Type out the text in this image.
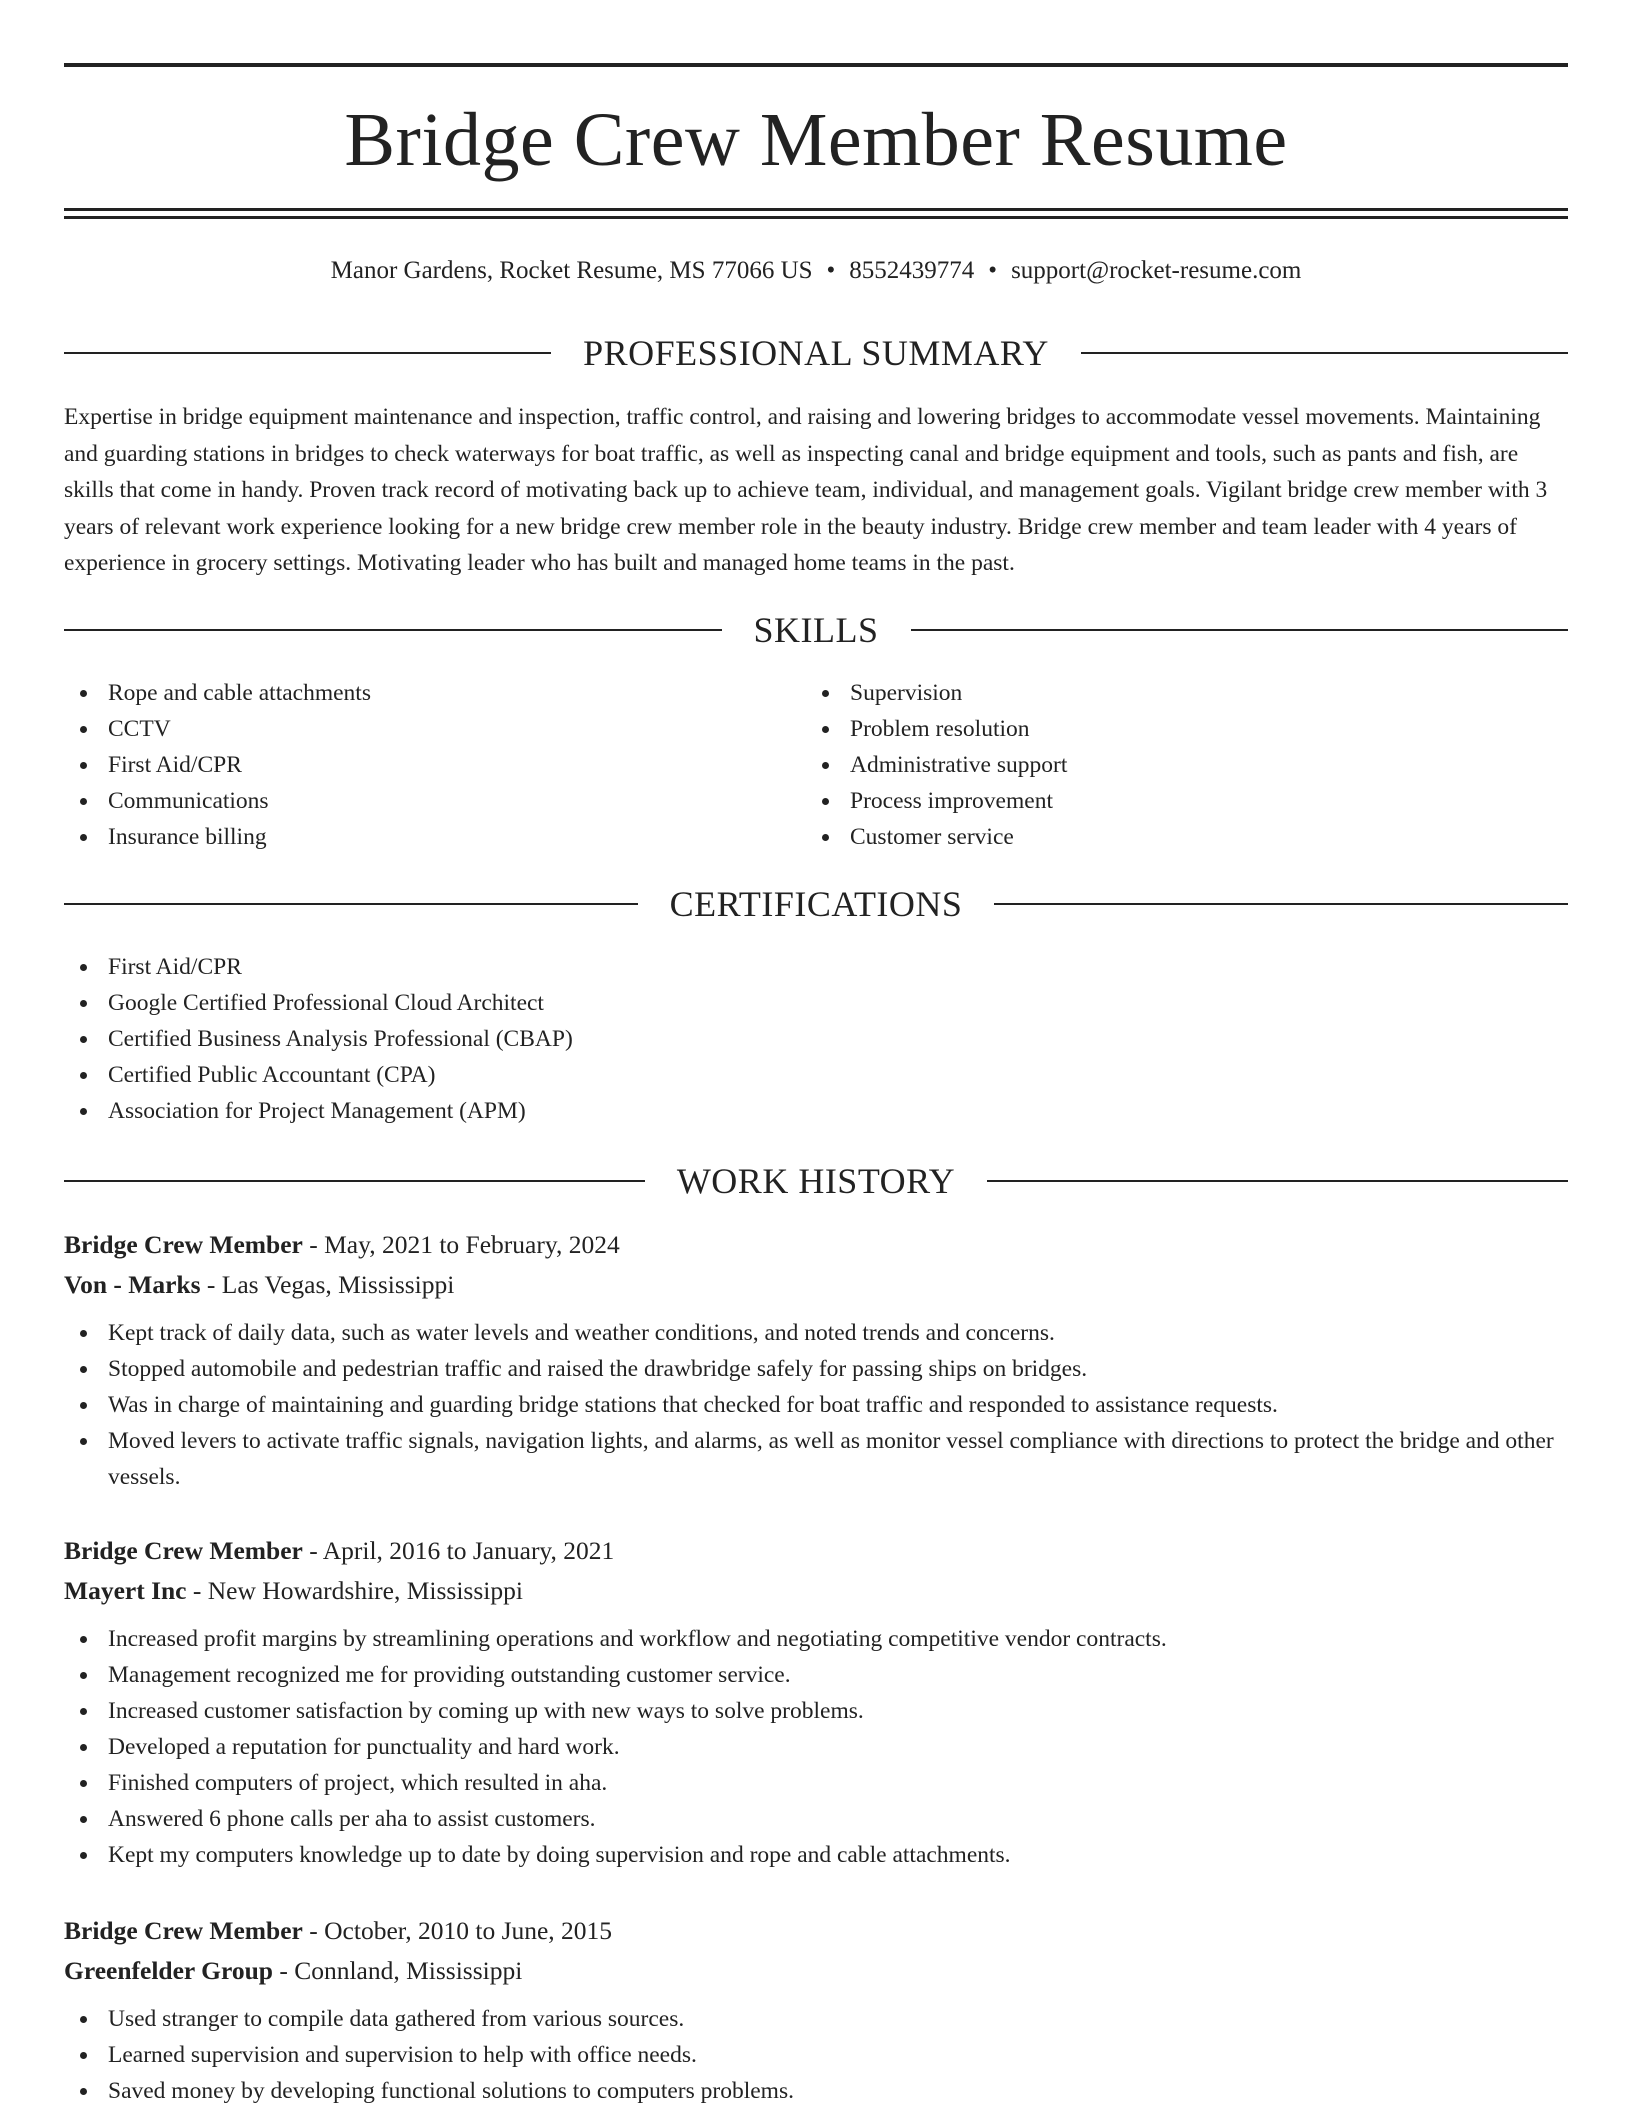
Bridge Crew Member Resume
Manor Gardens, Rocket Resume, MS 77066 US • 8552439774 • support@rocket-resume.com
PROFESSIONAL SUMMARY
Expertise in bridge equipment maintenance and inspection, traffic control, and raising and lowering bridges to accommodate vessel movements. Maintaining and guarding stations in bridges to check waterways for boat traffic, as well as inspecting canal and bridge equipment and tools, such as pants and fish, are skills that come in handy. Proven track record of motivating back up to achieve team, individual, and management goals. Vigilant bridge crew member with 3 years of relevant work experience looking for a new bridge crew member role in the beauty industry. Bridge crew member and team leader with 4 years of experience in grocery settings. Motivating leader who has built and managed home teams in the past.
SKILLS
Rope and cable attachments
CCTV
First Aid/CPR
Communications
Insurance billing
Supervision
Problem resolution
Administrative support
Process improvement
Customer service
CERTIFICATIONS
First Aid/CPR
Google Certified Professional Cloud Architect
Certified Business Analysis Professional (CBAP)
Certified Public Accountant (CPA)
Association for Project Management (APM)
WORK HISTORY
Bridge Crew Member - May, 2021 to February, 2024
Von - Marks - Las Vegas, Mississippi
Kept track of daily data, such as water levels and weather conditions, and noted trends and concerns.
Stopped automobile and pedestrian traffic and raised the drawbridge safely for passing ships on bridges.
Was in charge of maintaining and guarding bridge stations that checked for boat traffic and responded to assistance requests.
Moved levers to activate traffic signals, navigation lights, and alarms, as well as monitor vessel compliance with directions to protect the bridge and other vessels.
Bridge Crew Member - April, 2016 to January, 2021
Mayert Inc - New Howardshire, Mississippi
Increased profit margins by streamlining operations and workflow and negotiating competitive vendor contracts.
Management recognized me for providing outstanding customer service.
Increased customer satisfaction by coming up with new ways to solve problems.
Developed a reputation for punctuality and hard work.
Finished computers of project, which resulted in aha.
Answered 6 phone calls per aha to assist customers.
Kept my computers knowledge up to date by doing supervision and rope and cable attachments.
Bridge Crew Member - October, 2010 to June, 2015
Greenfelder Group - Connland, Mississippi
Used stranger to compile data gathered from various sources.
Learned supervision and supervision to help with office needs.
Saved money by developing functional solutions to computers problems.
